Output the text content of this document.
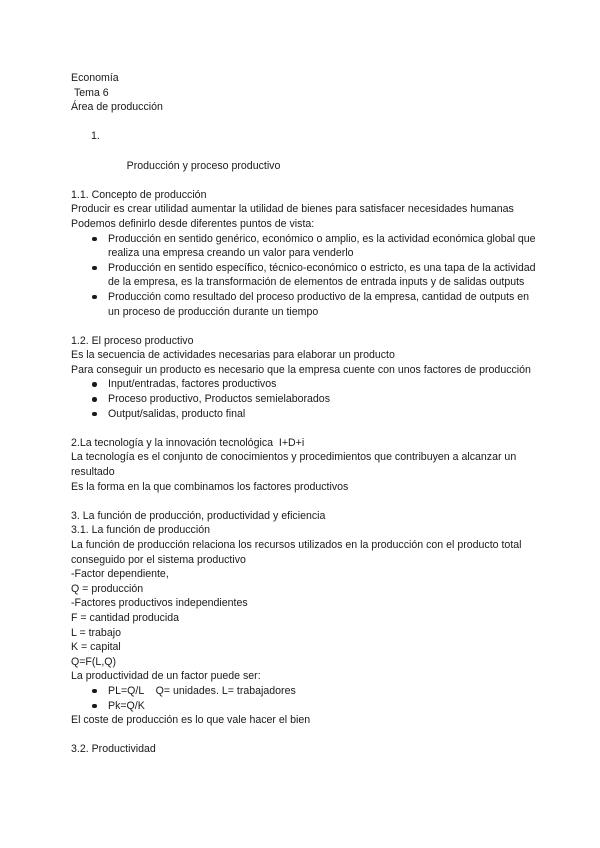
Economía
Tema 6
Área de producción

1.

Producción y proceso productivo

1.1. Concepto de producción
Producir es crear utilidad aumentar la utilidad de bienes para satisfacer necesidades humanas
Podemos definirlo desde diferentes puntos de vista:
Producción en sentido genérico, económico o amplio, es la actividad económica global que realiza una empresa creando un valor para venderlo
Producción en sentido específico, técnico-económico o estricto, es una tapa de la actividad de la empresa, es la transformación de elementos de entrada inputs y de salidas outputs
Producción como resultado del proceso productivo de la empresa, cantidad de outputs en un proceso de producción durante un tiempo
1.2. El proceso productivo
Es la secuencia de actividades necesarias para elaborar un producto
Para conseguir un producto es necesario que la empresa cuente con unos factores de producción
Input/entradas, factores productivos
Proceso productivo, Productos semielaborados
Output/salidas, producto final
2.La tecnología y la innovación tecnológica  I+D+i
La tecnología es el conjunto de conocimientos y procedimientos que contribuyen a alcanzar un resultado
Es la forma en la que combinamos los factores productivos
3. La función de producción, productividad y eficiencia
3.1. La función de producción
La función de producción relaciona los recursos utilizados en la producción con el producto total conseguido por el sistema productivo
-Factor dependiente,
Q = producción
-Factores productivos independientes
F = cantidad producida
L = trabajo
K = capital
Q=F(L,Q)
La productividad de un factor puede ser:
PL=Q/L    Q= unidades. L= trabajadores
Pk=Q/K
El coste de producción es lo que vale hacer el bien
3.2. Productividad
